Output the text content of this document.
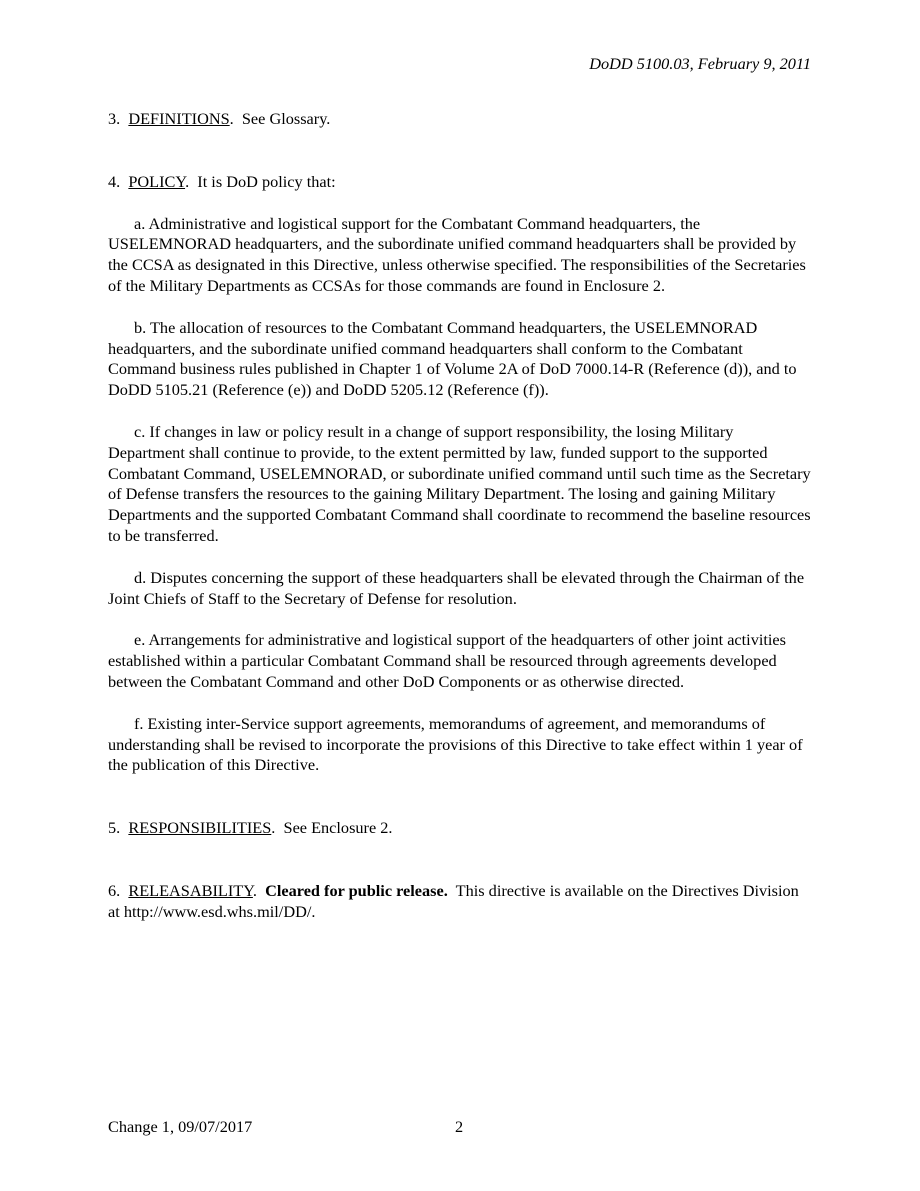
DoDD 5100.03, February 9, 2011

3. DEFINITIONS.  See Glossary.

4. POLICY.  It is DoD policy that:

a. Administrative and logistical support for the Combatant Command headquarters, the USELEMNORAD headquarters, and the subordinate unified command headquarters shall be provided by the CCSA as designated in this Directive, unless otherwise specified. The responsibilities of the Secretaries of the Military Departments as CCSAs for those commands are found in Enclosure 2.

b. The allocation of resources to the Combatant Command headquarters, the USELEMNORAD headquarters, and the subordinate unified command headquarters shall conform to the Combatant Command business rules published in Chapter 1 of Volume 2A of DoD 7000.14-R (Reference (d)), and to DoDD 5105.21 (Reference (e)) and DoDD 5205.12 (Reference (f)).

c. If changes in law or policy result in a change of support responsibility, the losing Military Department shall continue to provide, to the extent permitted by law, funded support to the supported Combatant Command, USELEMNORAD, or subordinate unified command until such time as the Secretary of Defense transfers the resources to the gaining Military Department. The losing and gaining Military Departments and the supported Combatant Command shall coordinate to recommend the baseline resources to be transferred.

d. Disputes concerning the support of these headquarters shall be elevated through the Chairman of the Joint Chiefs of Staff to the Secretary of Defense for resolution.

e. Arrangements for administrative and logistical support of the headquarters of other joint activities established within a particular Combatant Command shall be resourced through agreements developed between the Combatant Command and other DoD Components or as otherwise directed.

f. Existing inter-Service support agreements, memorandums of agreement, and memorandums of understanding shall be revised to incorporate the provisions of this Directive to take effect within 1 year of the publication of this Directive.

5. RESPONSIBILITIES.  See Enclosure 2.

6. RELEASABILITY.  Cleared for public release. This directive is available on the Directives Division at http://www.esd.whs.mil/DD/.

Change 1, 09/07/2017	2
